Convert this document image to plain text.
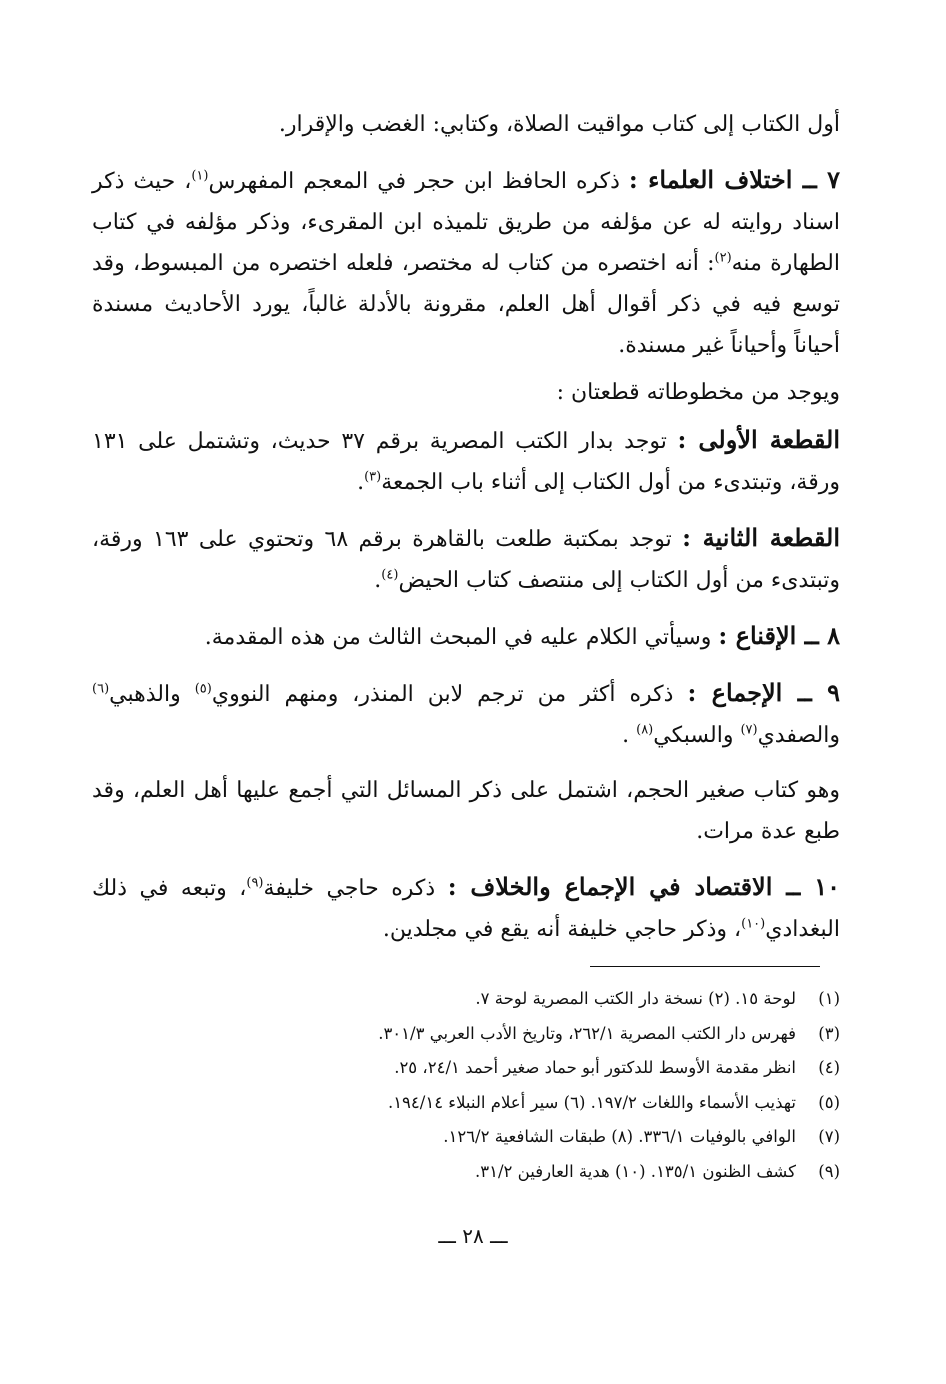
أول الكتاب إلى كتاب مواقيت الصلاة، وكتابي: الغضب والإقرار.

٧ ــ اختلاف العلماء : ذكره الحافظ ابن حجر في المعجم المفهرس$^{(١)}$، حيث ذكر اسناد روايته له عن مؤلفه من طريق تلميذه ابن المقرىء، وذكر مؤلفه في كتاب الطهارة منه$^{(٢)}$: أنه اختصره من كتاب له مختصر، فلعله اختصره من المبسوط، وقد توسع فيه في ذكر أقوال أهل العلم، مقرونة بالأدلة غالباً، يورد الأحاديث مسندة أحياناً وأحياناً غير مسندة.

ويوجد من مخطوطاته قطعتان :

القطعة الأولى : توجد بدار الكتب المصرية برقم ٣٧ حديث، وتشتمل على ١٣١ ورقة، وتبتدىء من أول الكتاب إلى أثناء باب الجمعة$^{(٣)}$.

القطعة الثانية : توجد بمكتبة طلعت بالقاهرة برقم ٦٨ وتحتوي على ١٦٣ ورقة، وتبتدىء من أول الكتاب إلى منتصف كتاب الحيض$^{(٤)}$.

٨ ــ الإقناع : وسيأتي الكلام عليه في المبحث الثالث من هذه المقدمة.

٩ ــ الإجماع : ذكره أكثر من ترجم لابن المنذر، ومنهم النووي$^{(٥)}$ والذهبي$^{(٦)}$ والصفدي$^{(٧)}$ والسبكي$^{(٨)}$ .

وهو كتاب صغير الحجم، اشتمل على ذكر المسائل التي أجمع عليها أهل العلم، وقد طبع عدة مرات.

١٠ ــ الاقتصاد في الإجماع والخلاف : ذكره حاجي خليفة$^{(٩)}$، وتبعه في ذلك البغدادي$^{(١٠)}$، وذكر حاجي خليفة أنه يقع في مجلدين.

(١)
لوحة ١٥. (٢) نسخة دار الكتب المصرية لوحة ٧.
(٣)
فهرس دار الكتب المصرية ٢٦٢/١، وتاريخ الأدب العربي ٣٠١/٣.
(٤)
انظر مقدمة الأوسط للدكتور أبو حماد صغير أحمد ٢٤/١، ٢٥.
(٥)
تهذيب الأسماء واللغات ١٩٧/٢. (٦) سير أعلام النبلاء ١٩٤/١٤.
(٧)
الوافي بالوفيات ٣٣٦/١. (٨) طبقات الشافعية ١٢٦/٢.
(٩)
كشف الظنون ١٣٥/١. (١٠) هدية العارفين ٣١/٢.
ـــ ٢٨ ـــ
